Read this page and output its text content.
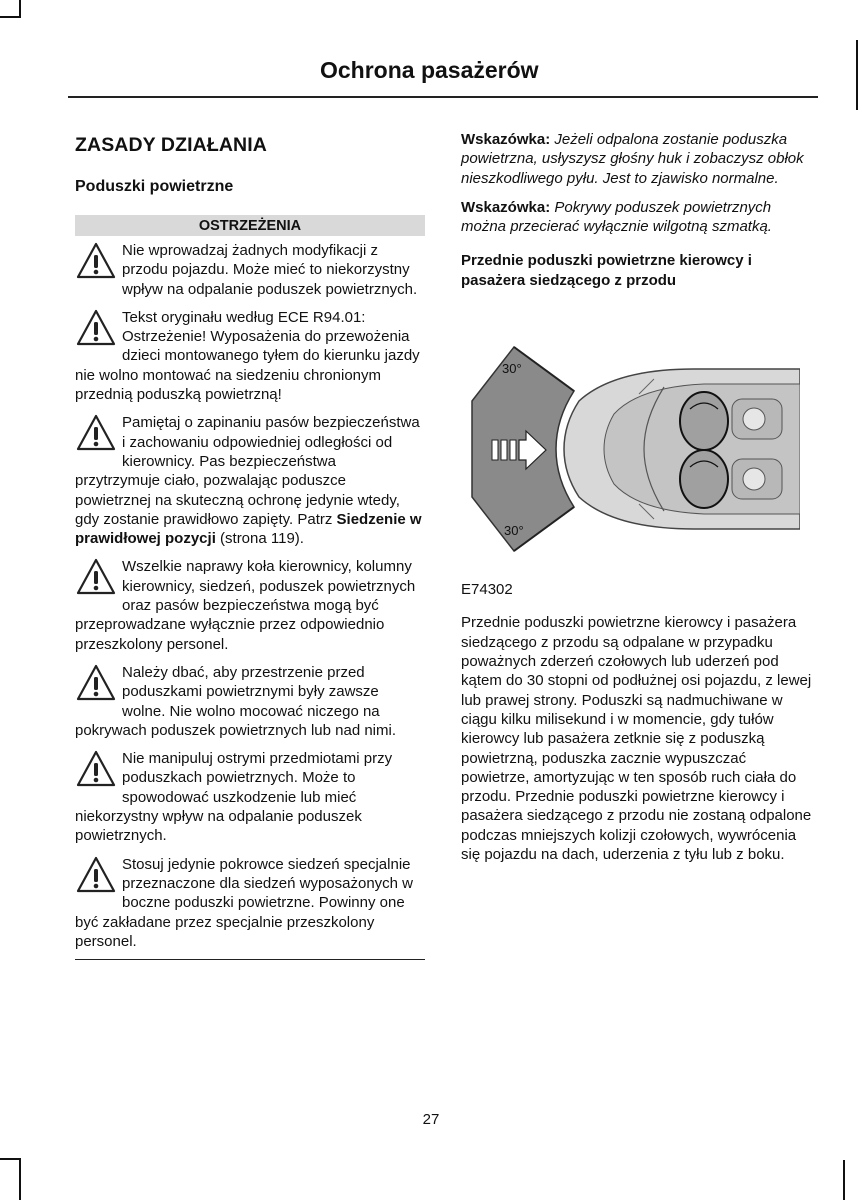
Ochrona pasażerów
ZASADY DZIAŁANIA
Poduszki powietrzne
OSTRZEŻENIA
Nie wprowadzaj żadnych modyfikacji z przodu pojazdu. Może mieć to niekorzystny wpływ na odpalanie poduszek powietrznych.
Tekst oryginału według ECE R94.01: Ostrzeżenie! Wyposażenia do przewożenia dzieci montowanego tyłem do kierunku jazdy nie wolno montować na siedzeniu chronionym przednią poduszką powietrzną!
Pamiętaj o zapinaniu pasów bezpieczeństwa i zachowaniu odpowiedniej odległości od kierownicy. Pas bezpieczeństwa przytrzymuje ciało, pozwalając poduszce powietrznej na skuteczną ochronę jedynie wtedy, gdy zostanie prawidłowo zapięty. Patrz Siedzenie w prawidłowej pozycji (strona 119).
Wszelkie naprawy koła kierownicy, kolumny kierownicy, siedzeń, poduszek powietrznych oraz pasów bezpieczeństwa mogą być przeprowadzane wyłącznie przez odpowiednio przeszkolony personel.
Należy dbać, aby przestrzenie przed poduszkami powietrznymi były zawsze wolne. Nie wolno mocować niczego na pokrywach poduszek powietrznych lub nad nimi.
Nie manipuluj ostrymi przedmiotami przy poduszkach powietrznych. Może to spowodować uszkodzenie lub mieć niekorzystny wpływ na odpalanie poduszek powietrznych.
Stosuj jedynie pokrowce siedzeń specjalnie przeznaczone dla siedzeń wyposażonych w boczne poduszki powietrzne. Powinny one być zakładane przez specjalnie przeszkolony personel.

Wskazówka: Jeżeli odpalona zostanie poduszka powietrzna, usłyszysz głośny huk i zobaczysz obłok nieszkodliwego pyłu. Jest to zjawisko normalne.

Wskazówka: Pokrywy poduszek powietrznych można przecierać wyłącznie wilgotną szmatką.

Przednie poduszki powietrzne kierowcy i pasażera siedzącego z przodu
30°
30°
E74302
Przednie poduszki powietrzne kierowcy i pasażera siedzącego z przodu są odpalane w przypadku poważnych zderzeń czołowych lub uderzeń pod kątem do 30 stopni od podłużnej osi pojazdu, z lewej lub prawej strony. Poduszki są nadmuchiwane w ciągu kilku milisekund i w momencie, gdy tułów kierowcy lub pasażera zetknie się z poduszką powietrzną, poduszka zacznie wypuszczać powietrze, amortyzując w ten sposób ruch ciała do przodu. Przednie poduszki powietrzne kierowcy i pasażera siedzącego z przodu nie zostaną odpalone podczas mniejszych kolizji czołowych, wywrócenia się pojazdu na dach, uderzenia z tyłu lub z boku.
27
